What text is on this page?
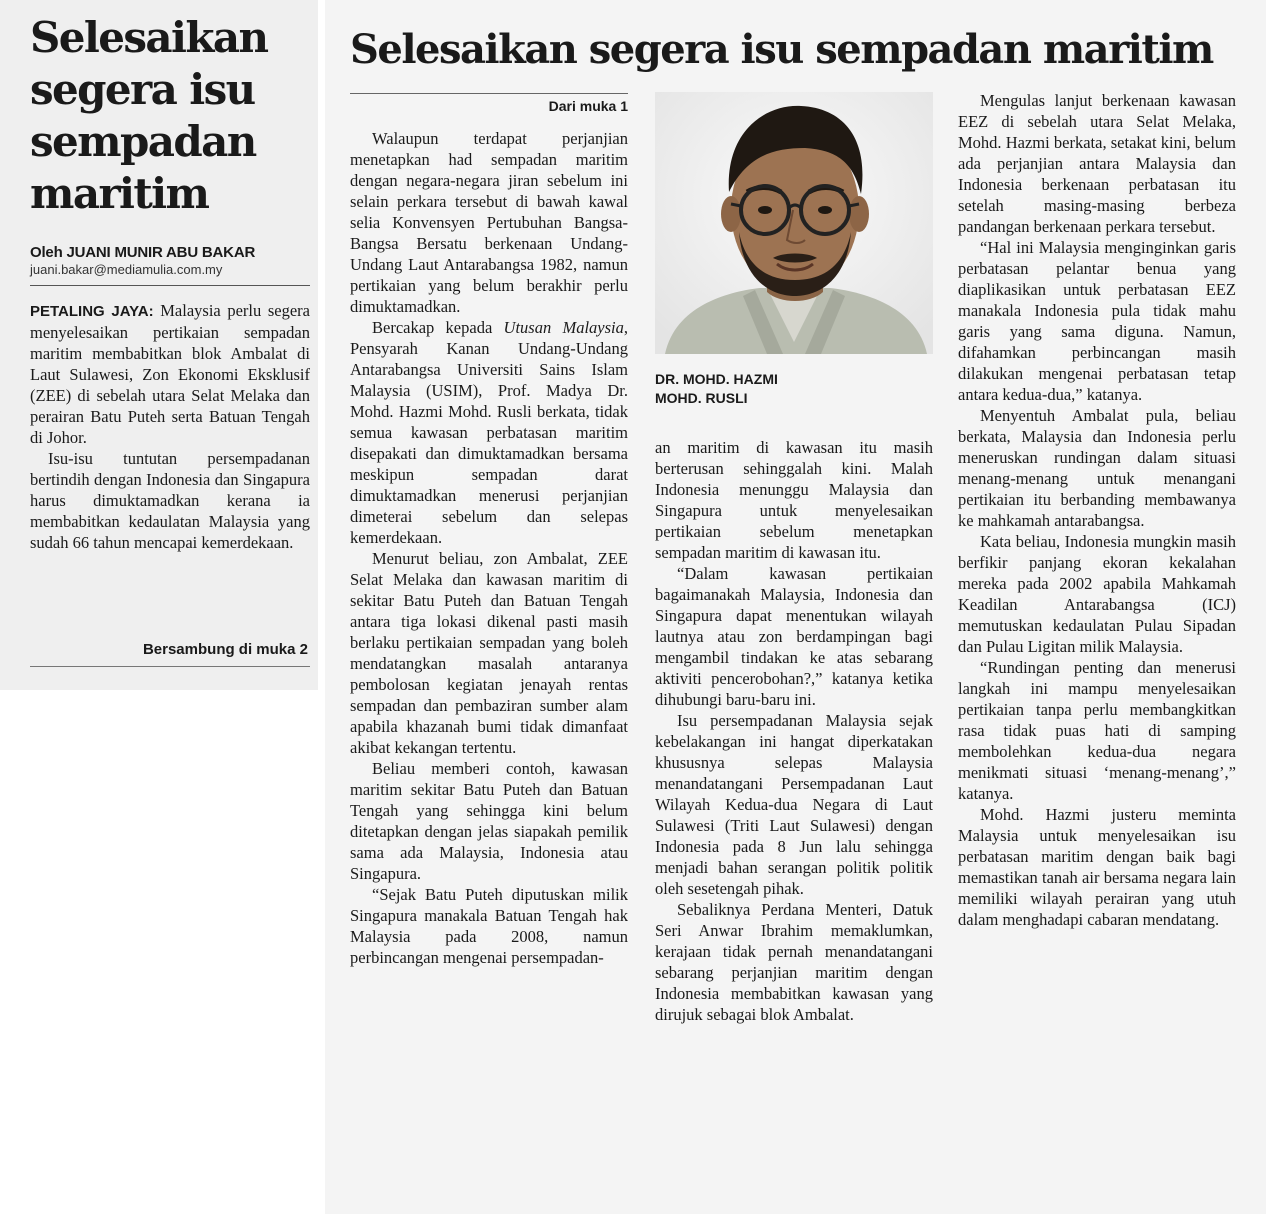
Selesaikan
segera isu
sempadan
maritim

Oleh JUANI MUNIR ABU BAKAR

juani.bakar@mediamulia.com.my

PETALING JAYA: Malaysia perlu segera menyelesaikan pertikaian sempadan maritim membabitkan blok Ambalat di Laut Sulawesi, Zon Ekonomi Eksklusif (ZEE) di sebelah utara Selat Melaka dan perairan Batu Puteh serta Batuan Tengah di Johor.

Isu-isu tuntutan persempadanan bertindih dengan Indonesia dan Singapura harus dimuktamadkan kerana ia membabitkan kedaulatan Malaysia yang sudah 66 tahun mencapai kemerdekaan.

Bersambung di muka 2

Selesaikan segera isu sempadan maritim

Dari muka 1

Walaupun terdapat perjanjian menetapkan had sempadan maritim dengan negara-negara jiran sebelum ini selain perkara tersebut di bawah kawal selia Konvensyen Pertubuhan Bangsa-Bangsa Bersatu berkenaan Undang-Undang Laut Antarabangsa 1982, namun pertikaian yang belum berakhir perlu dimuktamadkan.

Bercakap kepada Utusan Malaysia, Pensyarah Kanan Undang-Undang Antarabangsa Universiti Sains Islam Malaysia (USIM), Prof. Madya Dr. Mohd. Hazmi Mohd. Rusli berkata, tidak semua kawasan perbatasan maritim disepakati dan dimuktamadkan bersama meskipun sempadan darat dimuktamadkan menerusi perjanjian dimeterai sebelum dan selepas kemerdekaan.

Menurut beliau, zon Ambalat, ZEE Selat Melaka dan kawasan maritim di sekitar Batu Puteh dan Batuan Tengah antara tiga lokasi dikenal pasti masih berlaku pertikaian sempadan yang boleh mendatangkan masalah antaranya pembolosan kegiatan jenayah rentas sempadan dan pembaziran sumber alam apabila khazanah bumi tidak dimanfaat akibat kekangan tertentu.

Beliau memberi contoh, kawasan maritim sekitar Batu Puteh dan Batuan Tengah yang sehingga kini belum ditetapkan dengan jelas siapakah pemilik sama ada Malaysia, Indonesia atau Singapura.

“Sejak Batu Puteh diputuskan milik Singapura manakala Batuan Tengah hak Malaysia pada 2008, namun perbincangan mengenai persempadan-

DR. MOHD. HAZMI
MOHD. RUSLI

an maritim di kawasan itu masih berterusan sehinggalah kini. Malah Indonesia menunggu Malaysia dan Singapura untuk menyelesaikan pertikaian sebelum menetapkan sempadan maritim di kawasan itu.

“Dalam kawasan pertikaian bagaimanakah Malaysia, Indonesia dan Singapura dapat menentukan wilayah lautnya atau zon berdampingan bagi mengambil tindakan ke atas sebarang aktiviti pencerobohan?,” katanya ketika dihubungi baru-baru ini.

Isu persempadanan Malaysia sejak kebelakangan ini hangat diperkatakan khususnya selepas Malaysia menandatangani Persempadanan Laut Wilayah Kedua-dua Negara di Laut Sulawesi (Triti Laut Sulawesi) dengan Indonesia pada 8 Jun lalu sehingga menjadi bahan serangan politik politik oleh sesetengah pihak.

Sebaliknya Perdana Menteri, Datuk Seri Anwar Ibrahim memaklumkan, kerajaan tidak pernah menandatangani sebarang perjanjian maritim dengan Indonesia membabitkan kawasan yang dirujuk sebagai blok Ambalat.

Mengulas lanjut berkenaan kawasan EEZ di sebelah utara Selat Melaka, Mohd. Hazmi berkata, setakat kini, belum ada perjanjian antara Malaysia dan Indonesia berkenaan perbatasan itu setelah masing-masing berbeza pandangan berkenaan perkara tersebut.

“Hal ini Malaysia menginginkan garis perbatasan pelantar benua yang diaplikasikan untuk perbatasan EEZ manakala Indonesia pula tidak mahu garis yang sama diguna. Namun, difahamkan perbincangan masih dilakukan mengenai perbatasan tetap antara kedua-dua,” katanya.

Menyentuh Ambalat pula, beliau berkata, Malaysia dan Indonesia perlu meneruskan rundingan dalam situasi menang-menang untuk menangani pertikaian itu berbanding membawanya ke mahkamah antarabangsa.

Kata beliau, Indonesia mungkin masih berfikir panjang ekoran kekalahan mereka pada 2002 apabila Mahkamah Keadilan Antarabangsa (ICJ) memutuskan kedaulatan Pulau Sipadan dan Pulau Ligitan milik Malaysia.

“Rundingan penting dan menerusi langkah ini mampu menyelesaikan pertikaian tanpa perlu membangkitkan rasa tidak puas hati di samping membolehkan kedua-dua negara menikmati situasi ‘menang-menang’,” katanya.

Mohd. Hazmi justeru meminta Malaysia untuk menyelesaikan isu perbatasan maritim dengan baik bagi memastikan tanah air bersama negara lain memiliki wilayah perairan yang utuh dalam menghadapi cabaran mendatang.
